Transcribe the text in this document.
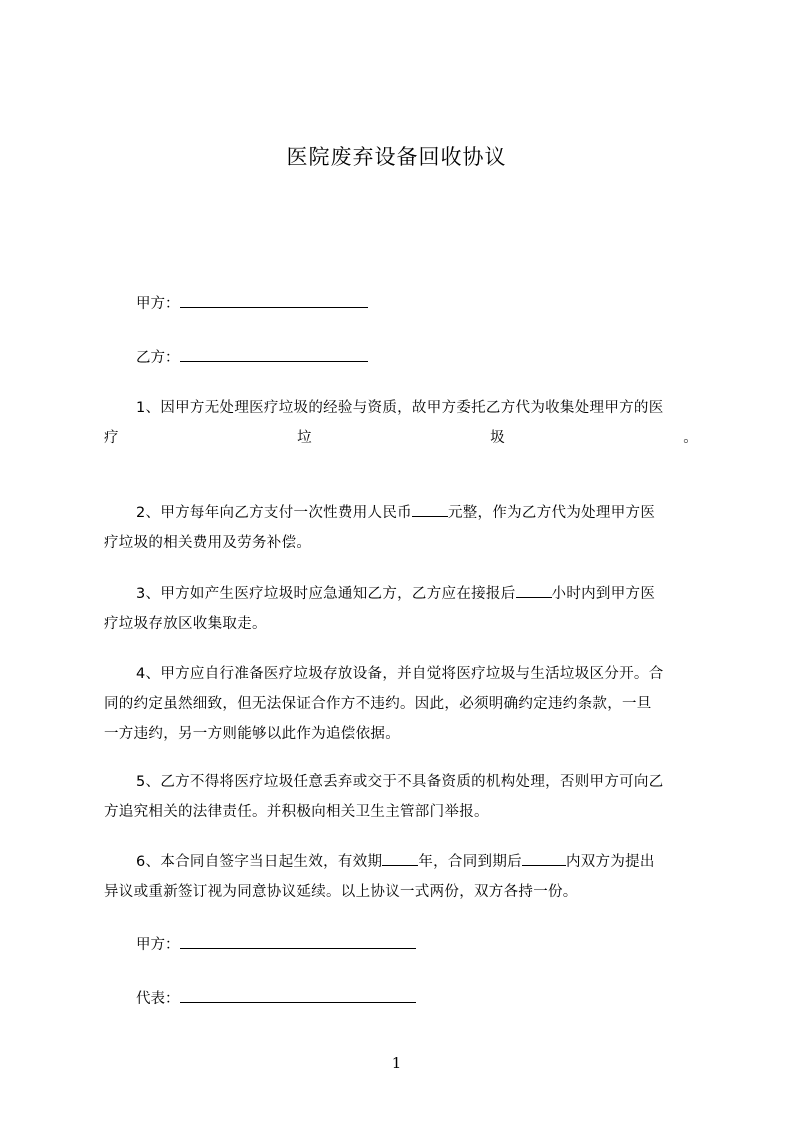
医院废弃设备回收协议
甲方：
乙方：
1、因甲方无处理医疗垃圾的经验与资质，故甲方委托乙方代为收集处理甲方的医
疗	垃	圾	。
2、甲方每年向乙方支付一次性费用人民币 元整，作为乙方代为处理甲方医
疗垃圾的相关费用及劳务补偿。
3、甲方如产生医疗垃圾时应急通知乙方，乙方应在接报后 小时内到甲方医
疗垃圾存放区收集取走。
4、甲方应自行准备医疗垃圾存放设备，并自觉将医疗垃圾与生活垃圾区分开。合
同的约定虽然细致，但无法保证合作方不违约。因此，必须明确约定违约条款，一旦
一方违约，另一方则能够以此作为追偿依据。
5、乙方不得将医疗垃圾任意丢弃或交于不具备资质的机构处理，否则甲方可向乙
方追究相关的法律责任。并积极向相关卫生主管部门举报。
6、本合同自签字当日起生效，有效期 年，合同到期后	内双方为提出
异议或重新签订视为同意协议延续。以上协议一式两份，双方各持一份。
甲方：
代表：
1
